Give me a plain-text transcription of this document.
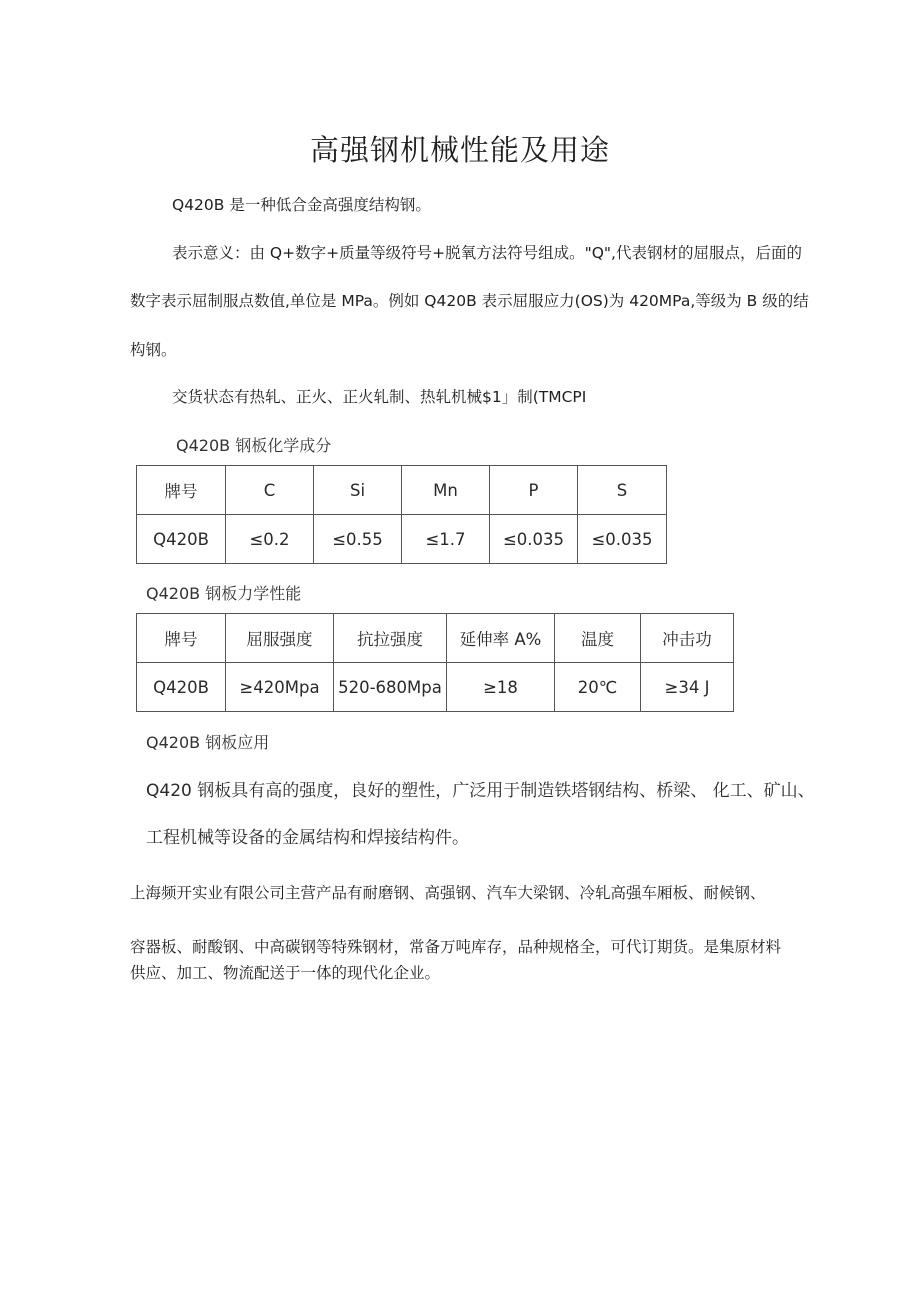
高强钢机械性能及用途
Q420B 是一种低合金高强度结构钢。
表示意义：由 Q+数字+质量等级符号+脱氧方法符号组成。"Q",代表钢材的屈服点，后面的
数字表示屈制服点数值,单位是 MPa。例如 Q420B 表示屈服应力(OS)为 420MPa,等级为 B 级的结
构钢。
交货状态有热轧、正火、正火轧制、热轧机械$1」制(TMCPI
Q420B 钢板化学成分
牌号	C	Si	Mn	P	S
Q420B	≤0.2	≤0.55	≤1.7	≤0.035	≤0.035
Q420B 钢板力学性能
牌号	屈服强度	抗拉强度	延伸率 A%	温度	冲击功
Q420B	≥420Mpa	520-680Mpa	≥18	20℃	≥34 J
Q420B 钢板应用
Q420 钢板具有高的强度，良好的塑性，广泛用于制造铁塔钢结构、桥梁、 化工、矿山、
工程机械等设备的金属结构和焊接结构件。
上海频开实业有限公司主营产品有耐磨钢、高强钢、汽车大梁钢、冷轧高强车厢板、耐候钢、
容器板、耐酸钢、中高碳钢等特殊钢材，常备万吨库存，品种规格全，可代订期货。是集原材料
供应、加工、物流配送于一体的现代化企业。
